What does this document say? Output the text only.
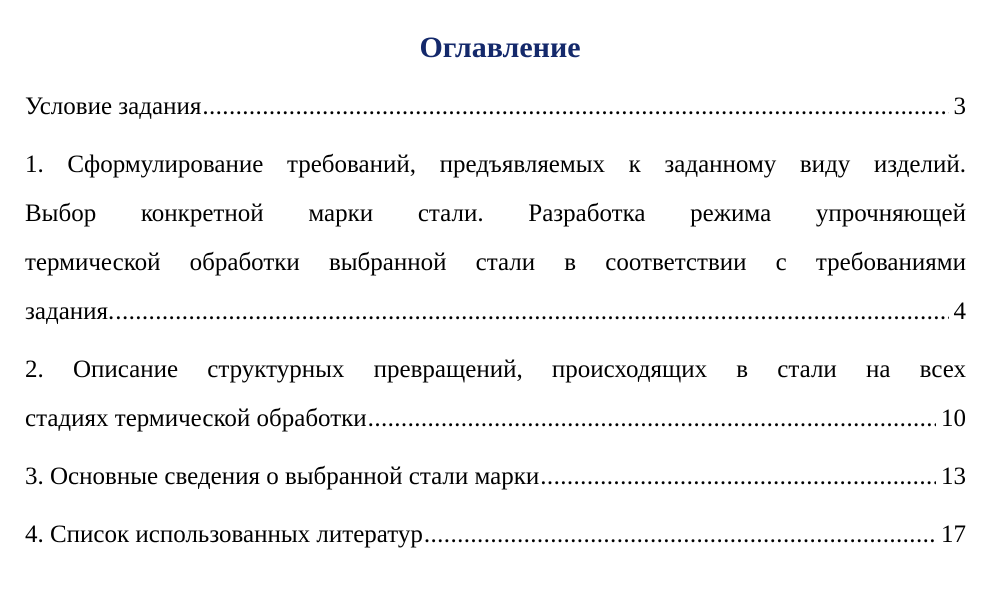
Оглавление
Условие задания .....	3
1. Сформулирование требований, предъявляемых к заданному виду изделий.
Выбор конкретной марки стали. Разработка режима упрочняющей
термической обработки выбранной стали в соответствии с требованиями
задания. .....	4
2. Описание структурных превращений, происходящих в стали на всех
стадиях термической обработки .....	10
3. Основные сведения о выбранной стали марки .....	13
4. Список использованных литератур .....	17
